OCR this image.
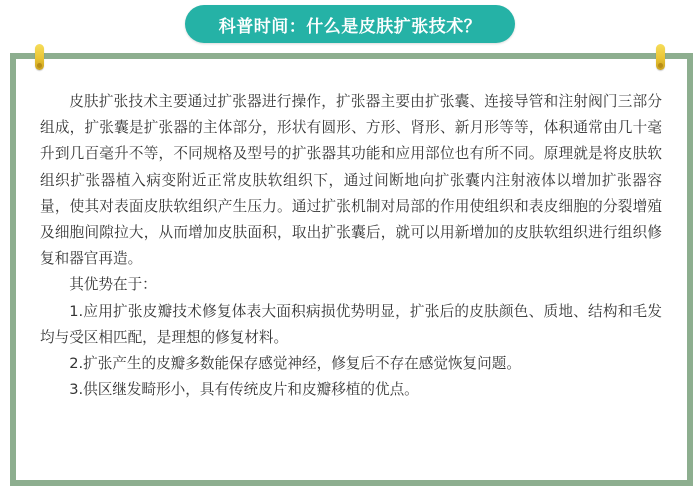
科普时间：什么是皮肤扩张技术？

皮肤扩张技术主要通过扩张器进行操作，扩张器主要由扩张囊、连接导管和注射阀门三部分组成，扩张囊是扩张器的主体部分，形状有圆形、方形、肾形、新月形等等，体积通常由几十毫升到几百毫升不等，不同规格及型号的扩张器其功能和应用部位也有所不同。原理就是将皮肤软组织扩张器植入病变附近正常皮肤软组织下，通过间断地向扩张囊内注射液体以增加扩张器容量，使其对表面皮肤软组织产生压力。通过扩张机制对局部的作用使组织和表皮细胞的分裂增殖及细胞间隙拉大，从而增加皮肤面积，取出扩张囊后，就可以用新增加的皮肤软组织进行组织修复和器官再造。

其优势在于：

1.应用扩张皮瓣技术修复体表大面积病损优势明显，扩张后的皮肤颜色、质地、结构和毛发均与受区相匹配，是理想的修复材料。

2.扩张产生的皮瓣多数能保存感觉神经，修复后不存在感觉恢复问题。

3.供区继发畸形小，具有传统皮片和皮瓣移植的优点。
